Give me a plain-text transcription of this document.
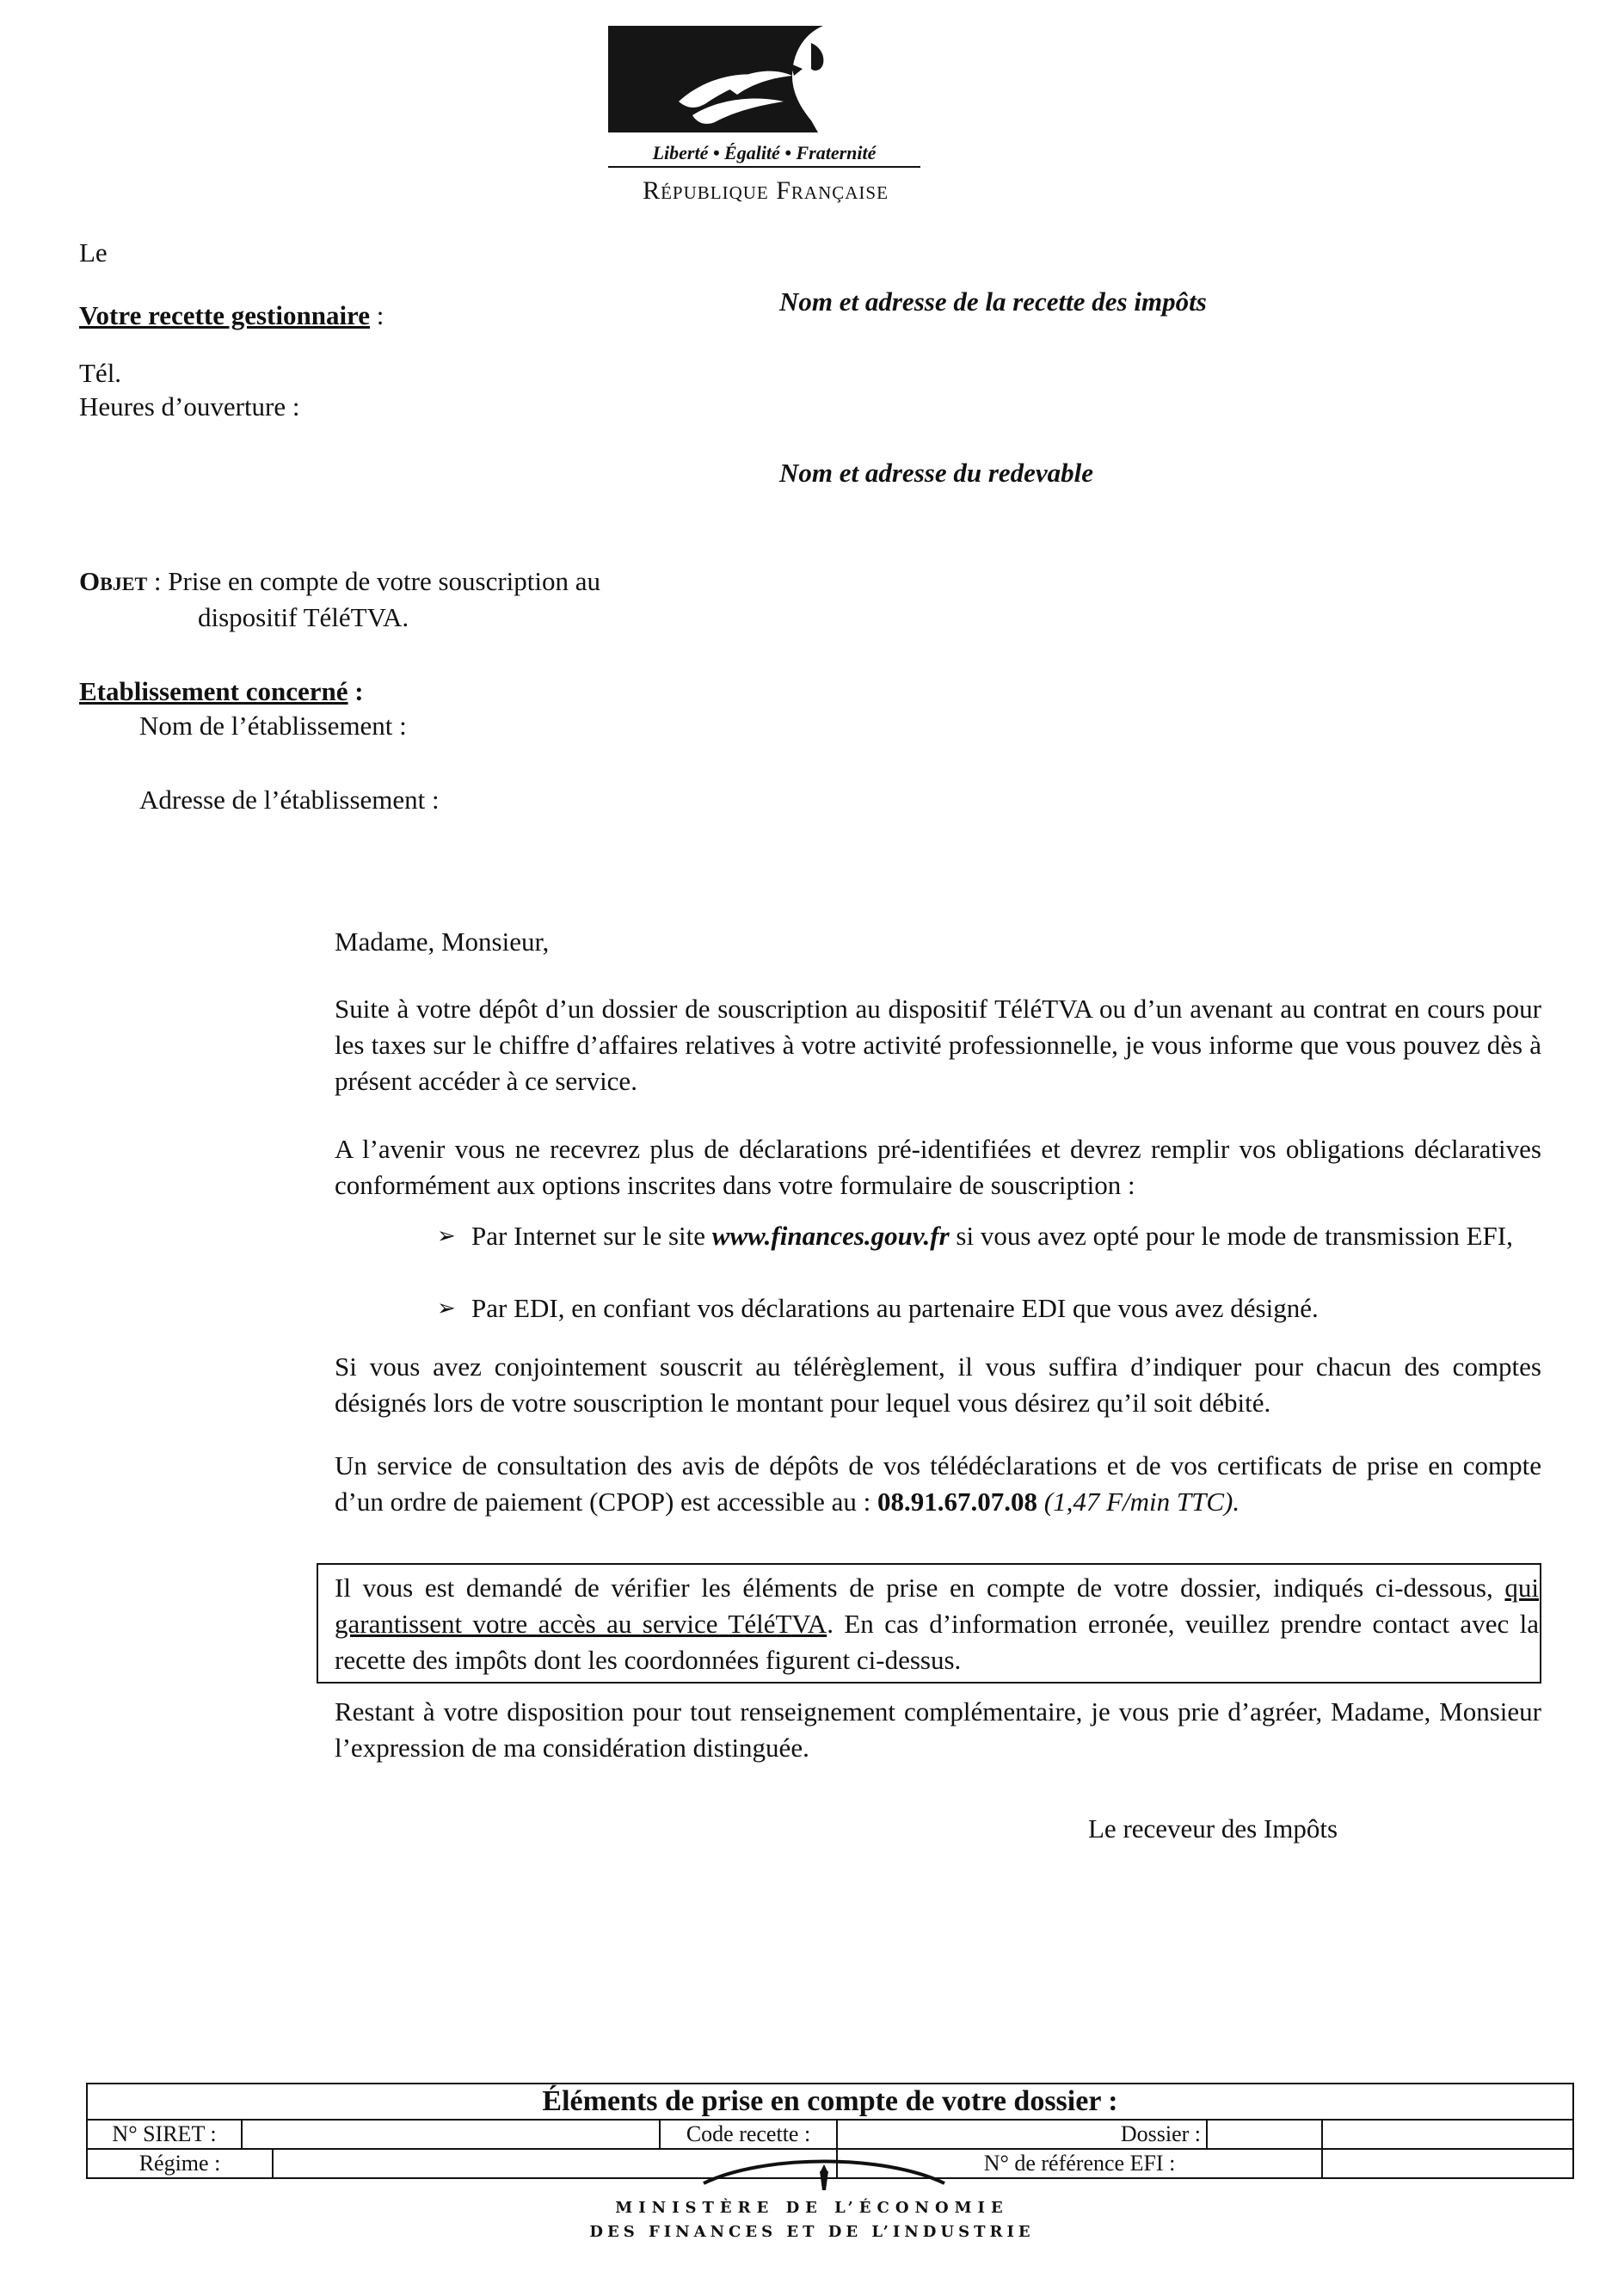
Liberté • Égalité • Fraternité
République Française
Le
Votre recette gestionnaire :	Nom et adresse de la recette des impôts
Tél.
Heures d’ouverture :
Nom et adresse du redevable
Objet : Prise en compte de votre souscription au
dispositif TéléTVA.
Etablissement concerné :
Nom de l’établissement :
Adresse de l’établissement :
Madame, Monsieur,
Suite à votre dépôt d’un dossier de souscription au dispositif TéléTVA ou d’un avenant au contrat en cours pour les taxes sur le chiffre d’affaires relatives à votre activité professionnelle, je vous informe que vous pouvez dès à présent accéder à ce service.
A l’avenir vous ne recevrez plus de déclarations pré-identifiées et devrez remplir vos obligations déclaratives conformément aux options inscrites dans votre formulaire de souscription :
➢ Par Internet sur le site www.finances.gouv.fr si vous avez opté pour le mode de transmission EFI,
➢ Par EDI, en confiant vos déclarations au partenaire EDI que vous avez désigné.
Si vous avez conjointement souscrit au télérèglement, il vous suffira d’indiquer pour chacun des comptes désignés lors de votre souscription le montant pour lequel vous désirez qu’il soit débité.
Un service de consultation des avis de dépôts de vos télédéclarations et de vos certificats de prise en compte d’un ordre de paiement (CPOP) est accessible au : 08.91.67.07.08 (1,47 F/min TTC).
Il vous est demandé de vérifier les éléments de prise en compte de votre dossier, indiqués ci-dessous, qui garantissent votre accès au service TéléTVA. En cas d’information erronée, veuillez prendre contact avec la recette des impôts dont les coordonnées figurent ci-dessus.
Restant à votre disposition pour tout renseignement complémentaire, je vous prie d’agréer, Madame, Monsieur l’expression de ma considération distinguée.
Le receveur des Impôts
Éléments de prise en compte de votre dossier :						
N° SIRET :			Code recette :	Dossier :		
Régime :				N° de référence EFI :		
MINISTÈRE DE L’ÉCONOMIE
DES FINANCES ET DE L’INDUSTRIE
